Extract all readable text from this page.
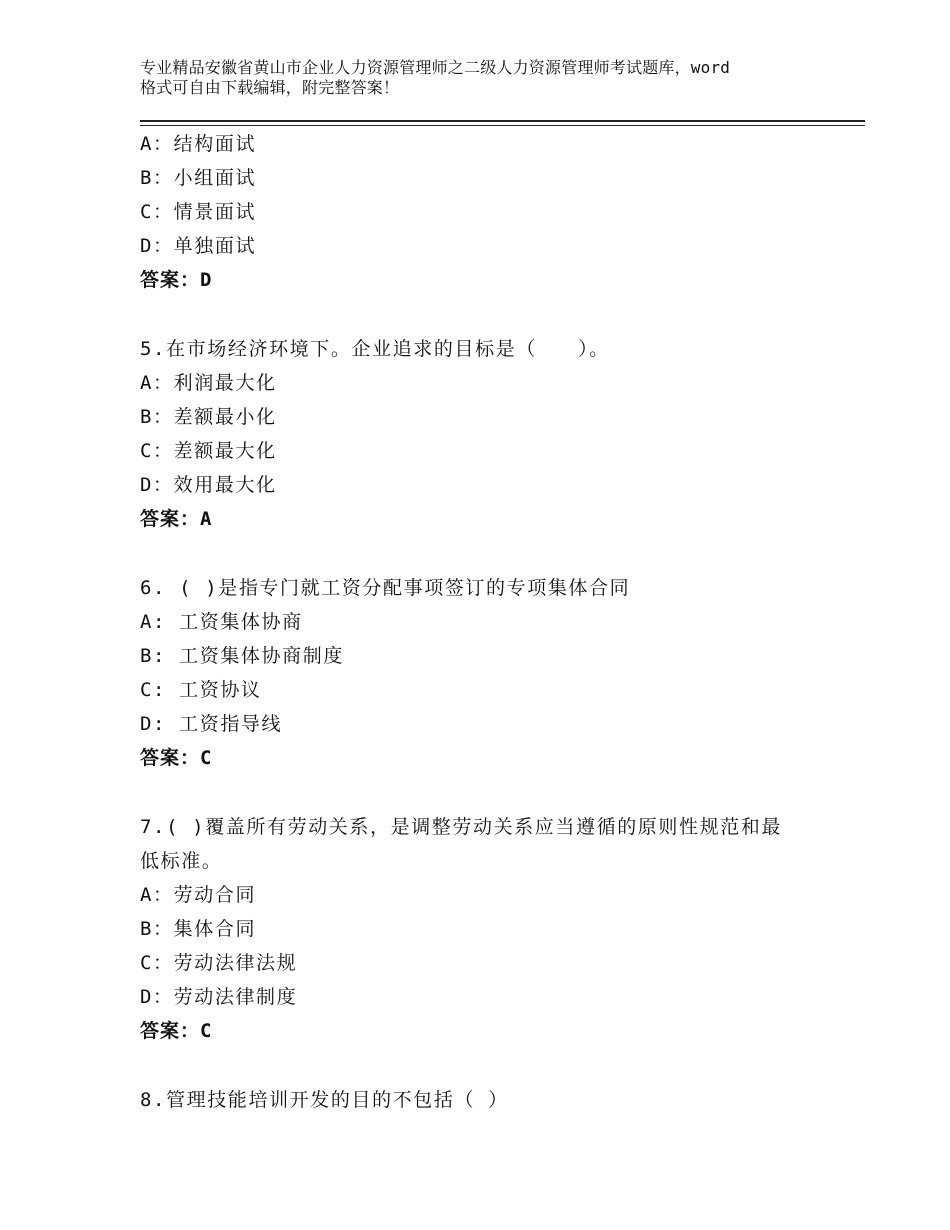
专业精品安徽省黄山市企业人力资源管理师之二级人力资源管理师考试题库，word
格式可自由下载编辑，附完整答案！
A：结构面试
B：小组面试
C：情景面试
D：单独面试
答案：D
5.在市场经济环境下。企业追求的目标是（　　）。
A：利润最大化
B：差额最小化
C：差额最大化
D：效用最大化
答案：A
6. ( )是指专门就工资分配事项签订的专项集体合同
A: 工资集体协商
B: 工资集体协商制度
C: 工资协议
D: 工资指导线
答案：C
7.( )覆盖所有劳动关系，是调整劳动关系应当遵循的原则性规范和最
低标准。
A：劳动合同
B：集体合同
C：劳动法律法规
D：劳动法律制度
答案：C
8.管理技能培训开发的目的不包括（ ）
